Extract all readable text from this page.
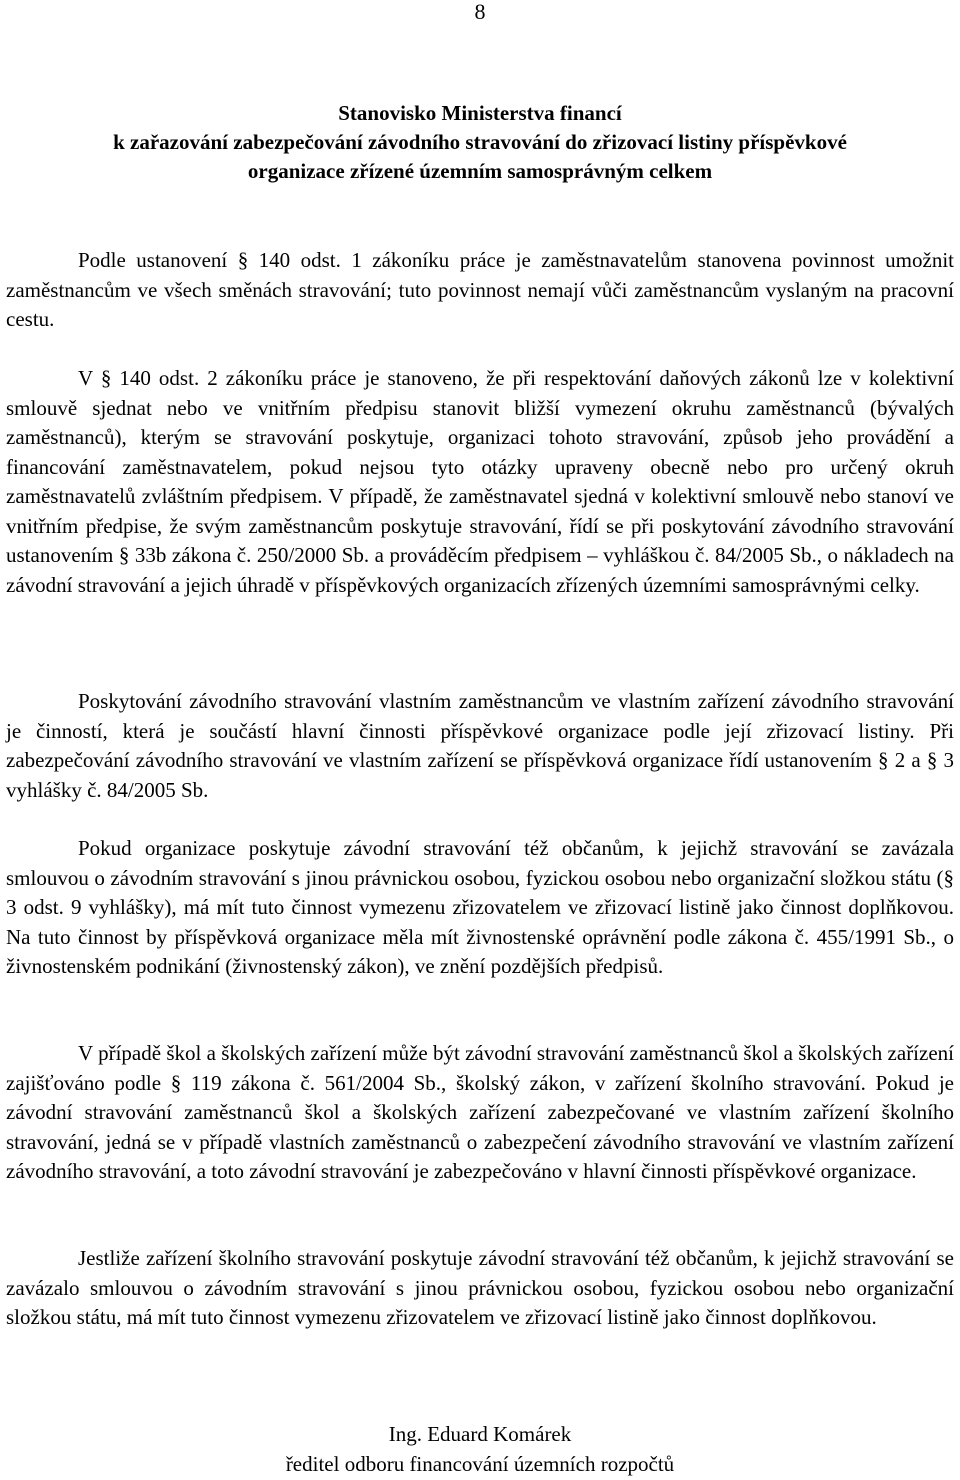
8
Stanovisko Ministerstva financí
k zařazování zabezpečování závodního stravování do zřizovací listiny příspěvkové
organizace zřízené územním samosprávným celkem

Podle ustanovení § 140 odst. 1 zákoníku práce je zaměstnavatelům stanovena povinnost umožnit zaměstnancům ve všech směnách stravování; tuto povinnost nemají vůči zaměstnancům vyslaným na pracovní cestu.

V § 140 odst. 2 zákoníku práce je stanoveno, že při respektování daňových zákonů lze v kolektivní smlouvě sjednat nebo ve vnitřním předpisu stanovit bližší vymezení okruhu zaměstnanců (bývalých zaměstnanců), kterým se stravování poskytuje, organizaci tohoto stravování, způsob jeho provádění a financování zaměstnavatelem, pokud nejsou tyto otázky upraveny obecně nebo pro určený okruh zaměstnavatelů zvláštním předpisem. V případě, že zaměstnavatel sjedná v kolektivní smlouvě nebo stanoví ve vnitřním předpise, že svým zaměstnancům poskytuje stravování, řídí se při poskytování závodního stravování ustanovením § 33b zákona č. 250/2000 Sb. a prováděcím předpisem – vyhláškou č. 84/2005 Sb., o nákladech na závodní stravování a jejich úhradě v příspěvkových organizacích zřízených územními samosprávnými celky.

Poskytování závodního stravování vlastním zaměstnancům ve vlastním zařízení závodního stravování je činností, která je součástí hlavní činnosti příspěvkové organizace podle její zřizovací listiny. Při zabezpečování závodního stravování ve vlastním zařízení se příspěvková organizace řídí ustanovením § 2 a § 3 vyhlášky č. 84/2005 Sb.

Pokud organizace poskytuje závodní stravování též občanům, k jejichž stravování se zavázala smlouvou o závodním stravování s jinou právnickou osobou, fyzickou osobou nebo organizační složkou státu (§ 3 odst. 9 vyhlášky), má mít tuto činnost vymezenu zřizovatelem ve zřizovací listině jako činnost doplňkovou. Na tuto činnost by příspěvková organizace měla mít živnostenské oprávnění podle zákona č. 455/1991 Sb., o živnostenském podnikání (živnostenský zákon), ve znění pozdějších předpisů.

V případě škol a školských zařízení může být závodní stravování zaměstnanců škol a školských zařízení zajišťováno podle § 119 zákona č. 561/2004 Sb., školský zákon, v zařízení školního stravování. Pokud je závodní stravování zaměstnanců škol a školských zařízení zabezpečované ve vlastním zařízení školního stravování, jedná se v případě vlastních zaměstnanců o zabezpečení závodního stravování ve vlastním zařízení závodního stravování, a toto závodní stravování je zabezpečováno v hlavní činnosti příspěvkové organizace.

Jestliže zařízení školního stravování poskytuje závodní stravování též občanům, k jejichž stravování se zavázalo smlouvou o závodním stravování s jinou právnickou osobou, fyzickou osobou nebo organizační složkou státu, má mít tuto činnost vymezenu zřizovatelem ve zřizovací listině jako činnost doplňkovou.

Ing. Eduard Komárek
ředitel odboru financování územních rozpočtů
